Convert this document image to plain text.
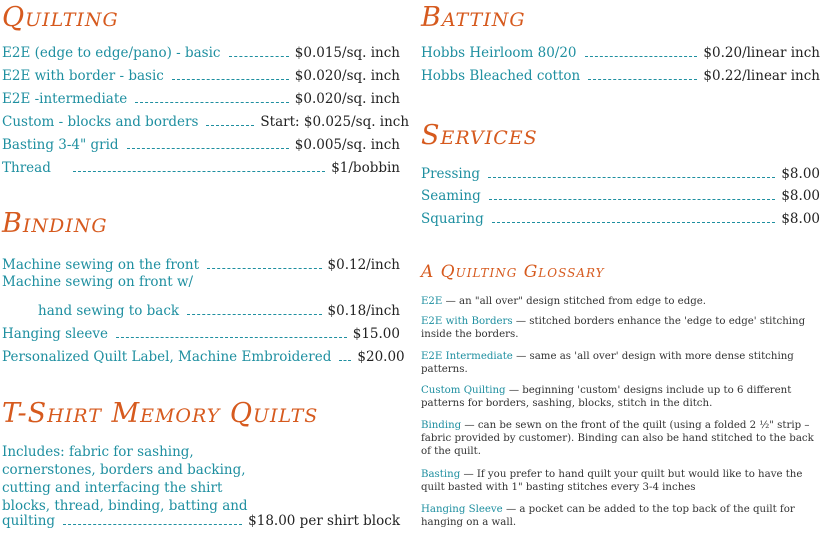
Quilting
E2E (edge to edge/pano) - basic	$0.015/sq. inch
E2E with border - basic	$0.020/sq. inch
E2E -intermediate	$0.020/sq. inch
Custom - blocks and borders	Start: $0.025/sq. inch
Basting 3-4" grid	$0.005/sq. inch
Thread	$1/bobbin
Binding
Machine sewing on the front	$0.12/inch
Machine sewing on front w/
hand sewing to back	$0.18/inch
Hanging sleeve	$15.00
Personalized Quilt Label, Machine Embroidered $20.00
T-Shirt Memory Quilts
Includes: fabric for sashing,
cornerstones, borders and backing,
cutting and interfacing the shirt
blocks, thread, binding, batting and
quilting	$18.00 per shirt block
Batting
Hobbs Heirloom 80/20	$0.20/linear inch
Hobbs Bleached cotton	$0.22/linear inch
Services
Pressing	$8.00
Seaming	$8.00
Squaring	$8.00
A Quilting Glossary
E2E — an "all over" design stitched from edge to edge.
E2E with Borders — stitched borders enhance the 'edge to edge' stitching inside the borders.
E2E Intermediate — same as 'all over' design with more dense stitching patterns.
Custom Quilting — beginning 'custom' designs include up to 6 different patterns for borders, sashing, blocks, stitch in the ditch.
Binding — can be sewn on the front of the quilt (using a folded 2 ½" strip – fabric provided by customer). Binding can also be hand stitched to the back of the quilt.
Basting — If you prefer to hand quilt your quilt but would like to have the quilt basted with 1" basting stitches every 3-4 inches
Hanging Sleeve — a pocket can be added to the top back of the quilt for hanging on a wall.
